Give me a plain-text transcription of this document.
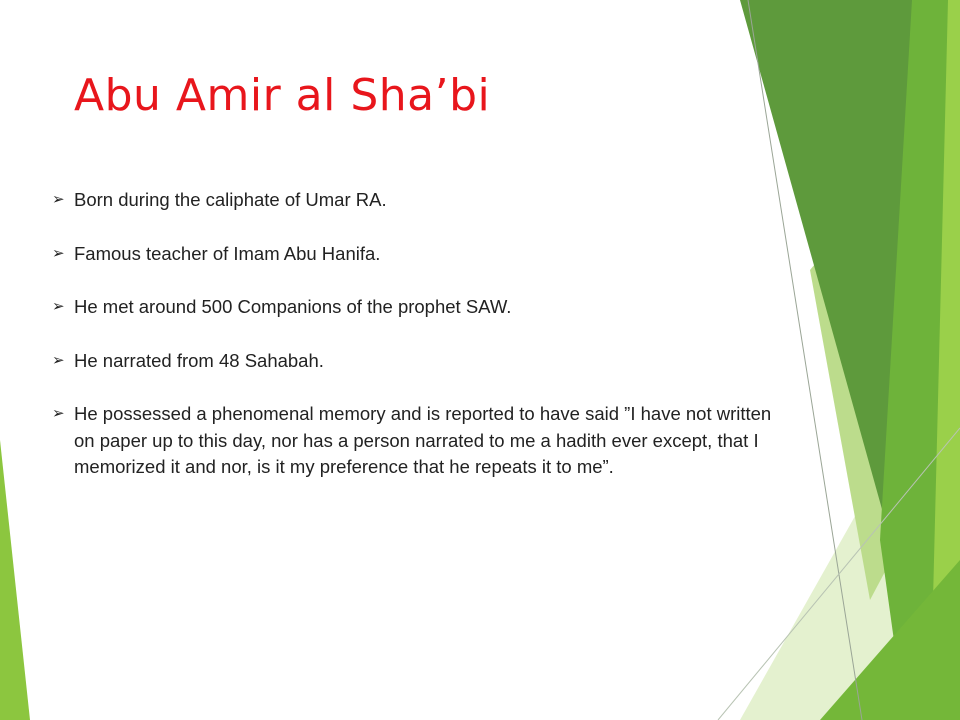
Abu Amir al Sha’bi
➢ Born during the caliphate of Umar RA.
➢ Famous teacher of Imam Abu Hanifa.
➢ He met around 500 Companions of the prophet SAW.
➢ He narrated from 48 Sahabah.
➢ He possessed a phenomenal memory and is reported to have said ”I have not written on paper up to this day, nor has a person narrated to me a hadith ever except, that I memorized it and nor, is it my preference that he repeats it to me”.
